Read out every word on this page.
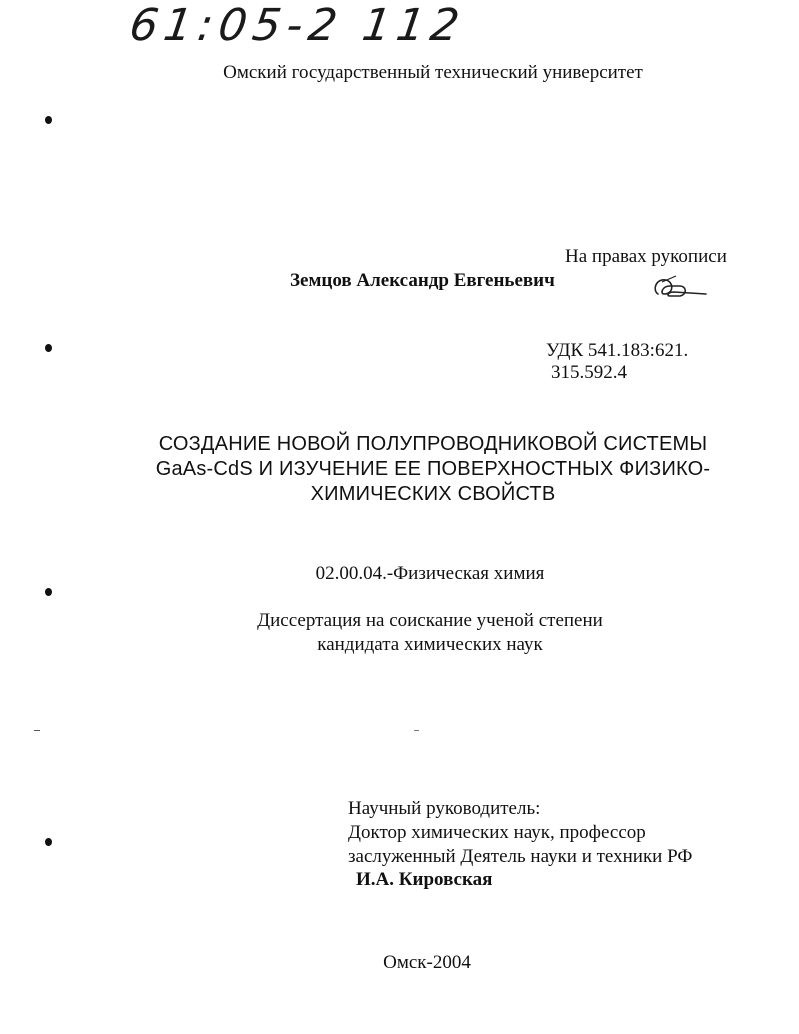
61:05-2 112
Омский государственный технический университет
На правах рукописи
Земцов Александр Евгеньевич
УДК 541.183:621.
315.592.4
СОЗДАНИЕ НОВОЙ ПОЛУПРОВОДНИКОВОЙ СИСТЕМЫ
GaAs-CdS И ИЗУЧЕНИЕ ЕЕ ПОВЕРХНОСТНЫХ ФИЗИКО-
ХИМИЧЕСКИХ СВОЙСТВ
02.00.04.-Физическая химия
Диссертация на соискание ученой степени
кандидата химических наук
Научный руководитель:
Доктор химических наук, профессор
заслуженный Деятель науки и техники РФ
И.А. Кировская
Омск-2004
